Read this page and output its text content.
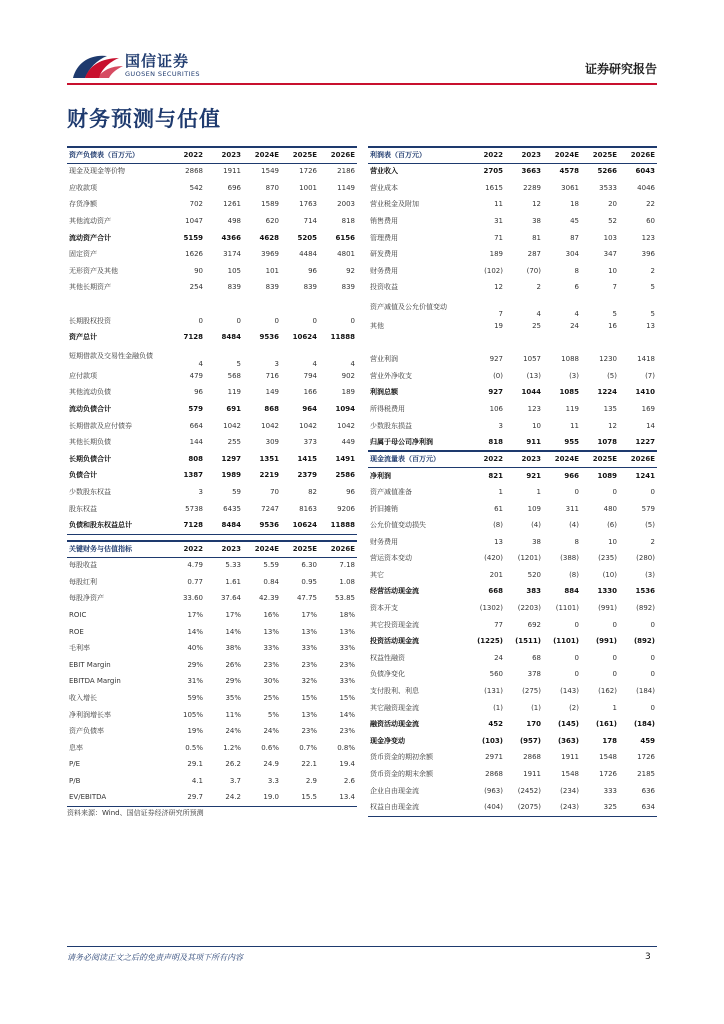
国信证券
GUOSEN SECURITIES	证券研究报告
财务预测与估值
资产负债表（百万元）	2022	2023	2024E	2025E	2026E
现金及现金等价物	2868	1911	1549	1726	2186
应收款项	542	696	870	1001	1149
存货净额	702	1261	1589	1763	2003
其他流动资产	1047	498	620	714	818
流动资产合计	5159	4366	4628	5205	6156
固定资产	1626	3174	3969	4484	4801
无形资产及其他	90	105	101	96	92
其他长期资产	254	839	839	839	839

长期股权投资	0	0	0	0	0
资产总计	7128	8484	9536	10624	11888
短期借款及交易性金融负债	4	5	3	4	4
应付款项	479	568	716	794	902
其他流动负债	96	119	149	166	189
流动负债合计	579	691	868	964	1094
长期借款及应付债券	664	1042	1042	1042	1042
其他长期负债	144	255	309	373	449
长期负债合计	808	1297	1351	1415	1491
负债合计	1387	1989	2219	2379	2586
少数股东权益	3	59	70	82	96
股东权益	5738	6435	7247	8163	9206
负债和股东权益总计	7128	8484	9536	10624	11888
关键财务与估值指标	2022	2023	2024E	2025E	2026E
每股收益	4.79	5.33	5.59	6.30	7.18
每股红利	0.77	1.61	0.84	0.95	1.08
每股净资产	33.60	37.64	42.39	47.75	53.85
ROIC	17%	17%	16%	17%	18%
ROE	14%	14%	13%	13%	13%
毛利率	40%	38%	33%	33%	33%
EBIT Margin	29%	26%	23%	23%	23%
EBITDA Margin	31%	29%	30%	32%	33%
收入增长	59%	35%	25%	15%	15%
净利润增长率	105%	11%	5%	13%	14%
资产负债率	19%	24%	24%	23%	23%
息率	0.5%	1.2%	0.6%	0.7%	0.8%
P/E	29.1	26.2	24.9	22.1	19.4
P/B	4.1	3.7	3.3	2.9	2.6
EV/EBITDA	29.7	24.2	19.0	15.5	13.4
利润表（百万元）	2022	2023	2024E	2025E	2026E
营业收入	2705	3663	4578	5266	6043
营业成本	1615	2289	3061	3533	4046
营业税金及附加	11	12	18	20	22
销售费用	31	38	45	52	60
管理费用	71	81	87	103	123
研发费用	189	287	304	347	396
财务费用	(102)	(70)	8	10	2
投资收益	12	2	6	7	5
资产减值及公允价值变动	7	4	4	5	5
其他	19	25	24	16	13

营业利润	927	1057	1088	1230	1418
营业外净收支	(0)	(13)	(3)	(5)	(7)
利润总额	927	1044	1085	1224	1410
所得税费用	106	123	119	135	169
少数股东损益	3	10	11	12	14
归属于母公司净利润	818	911	955	1078	1227
现金流量表（百万元）	2022	2023	2024E	2025E	2026E
净利润	821	921	966	1089	1241
资产减值准备	1	1	0	0	0
折旧摊销	61	109	311	480	579
公允价值变动损失	(8)	(4)	(4)	(6)	(5)
财务费用	13	38	8	10	2
营运资本变动	(420)	(1201)	(388)	(235)	(280)
其它	201	520	(8)	(10)	(3)
经营活动现金流	668	383	884	1330	1536
资本开支	(1302)	(2203)	(1101)	(991)	(892)
其它投资现金流	77	692	0	0	0
投资活动现金流	(1225)	(1511)	(1101)	(991)	(892)
权益性融资	24	68	0	0	0
负债净变化	560	378	0	0	0
支付股利、利息	(131)	(275)	(143)	(162)	(184)
其它融资现金流	(1)	(1)	(2)	1	0
融资活动现金流	452	170	(145)	(161)	(184)
现金净变动	(103)	(957)	(363)	178	459
货币资金的期初余额	2971	2868	1911	1548	1726
货币资金的期末余额	2868	1911	1548	1726	2185
企业自由现金流	(963)	(2452)	(234)	333	636
权益自由现金流	(404)	(2075)	(243)	325	634
资料来源：Wind、国信证券经济研究所预测
请务必阅读正文之后的免责声明及其项下所有内容	3
